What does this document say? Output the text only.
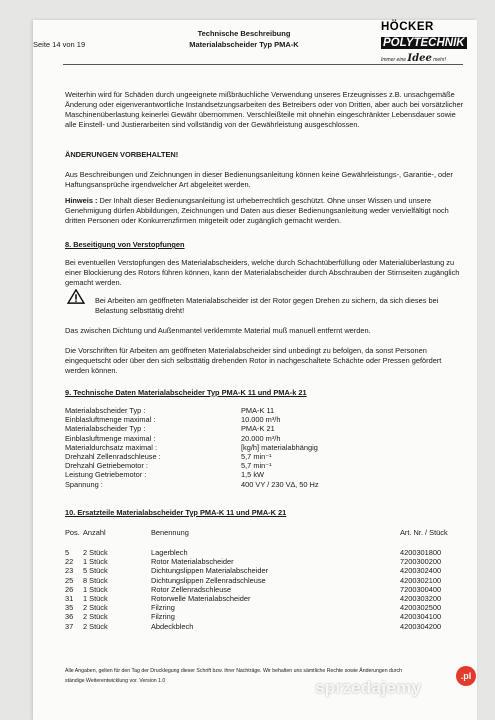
Seite 14 von 19
Technische Beschreibung
Materialabscheider Typ PMA-K
HÖCKER
POLYTECHNIK
Immer eine Idee mehr!
Weiterhin wird für Schäden durch ungeeignete mißbräuchliche Verwendung unseres Erzeugnisses z.B. unsachgemäße Änderung oder eigenverantwortliche Instandsetzungsarbeiten des Betreibers oder von Dritten, aber auch bei vorsätzlicher Maschinenüberlastung keinerlei Gewähr übernommen. Verschleißteile mit ohnehin eingeschränkter Lebensdauer sowie alle Einstell- und Justierarbeiten sind vollständig von der Gewährleistung ausgeschlossen.
ÄNDERUNGEN VORBEHALTEN!
Aus Beschreibungen und Zeichnungen in dieser Bedienungsanleitung können keine Gewährleistungs-, Garantie-, oder Haftungsansprüche irgendwelcher Art abgeleitet werden.
Hinweis : Der Inhalt dieser Bedienungsanleitung ist urheberrechtlich geschützt. Ohne unser Wissen und unsere Genehmigung dürfen Abbildungen, Zeichnungen und Daten aus dieser Bedienungsanleitung weder vervielfältigt noch dritten Personen oder Konkurrenzfirmen mitgeteilt oder zugänglich gemacht werden.
8. Beseitigung von Verstopfungen
Bei eventuellen Verstopfungen des Materialabscheiders, welche durch Schachtüberfüllung oder Materialüberlastung zu einer Blockierung des Rotors führen können, kann der Materialabscheider durch Abschrauben der Stirnseiten zugänglich gemacht werden.
Bei Arbeiten am geöffneten Materialabscheider ist der Rotor gegen Drehen zu sichern, da sich dieses bei Belastung selbsttätig dreht!
Das zwischen Dichtung und Außenmantel verklemmte Material muß manuell entfernt werden.
Die Vorschriften für Arbeiten am geöffneten Materialabscheider sind unbedingt zu befolgen, da sonst Personen eingequetscht oder über den sich selbsttätig drehenden Rotor in nachgeschaltete Schächte oder Pressen gefördert werden können.
9. Technische Daten Materialabscheider Typ PMA-K 11 und PMA-k 21
Materialabscheider Typ :	PMA-K 11
Einblasluftmenge maximal :	10.000 m³/h
Materialabscheider Typ :	PMA-K 21
Einblasluftmenge maximal :	20.000 m³/h
Materialdurchsatz maximal :	[kg/h] materialabhängig
Drehzahl Zellenradschleuse :	5,7 min⁻¹
Drehzahl Getriebemotor :	5,7 min⁻¹
Leistung Getriebemotor :	1,5 kW
Spannung :	400 VY / 230 V∆, 50 Hz
10. Ersatzteile Materialabscheider Typ PMA-K 11 und PMA-K 21
Pos. Anzahl	Benennung	Art. Nr. / Stück
5 2 Stück	Lagerblech	4200301800
22 1 Stück	Rotor Materialabscheider	7200300200
23 5 Stück	Dichtungslippen Materialabscheider	4200302400
25 8 Stück	Dichtungslippen Zellenradschleuse	4200302100
26 1 Stück	Rotor Zellenradschleuse	7200300400
31 1 Stück	Rotorwelle Materialabscheider	4200303200
35 2 Stück	Filzring	4200302500
36 2 Stück	Filzring	4200304100
37 2 Stück	Abdeckblech	4200304200
Alle Angaben, gelten für den Tag der Drucklegung dieser Schrift bzw. ihrer Nachträge. Wir behalten uns sämtliche Rechte sowie Änderungen durch
ständige Weiterentwicklung vor. Version 1.0	sprzedajemy
.pl
